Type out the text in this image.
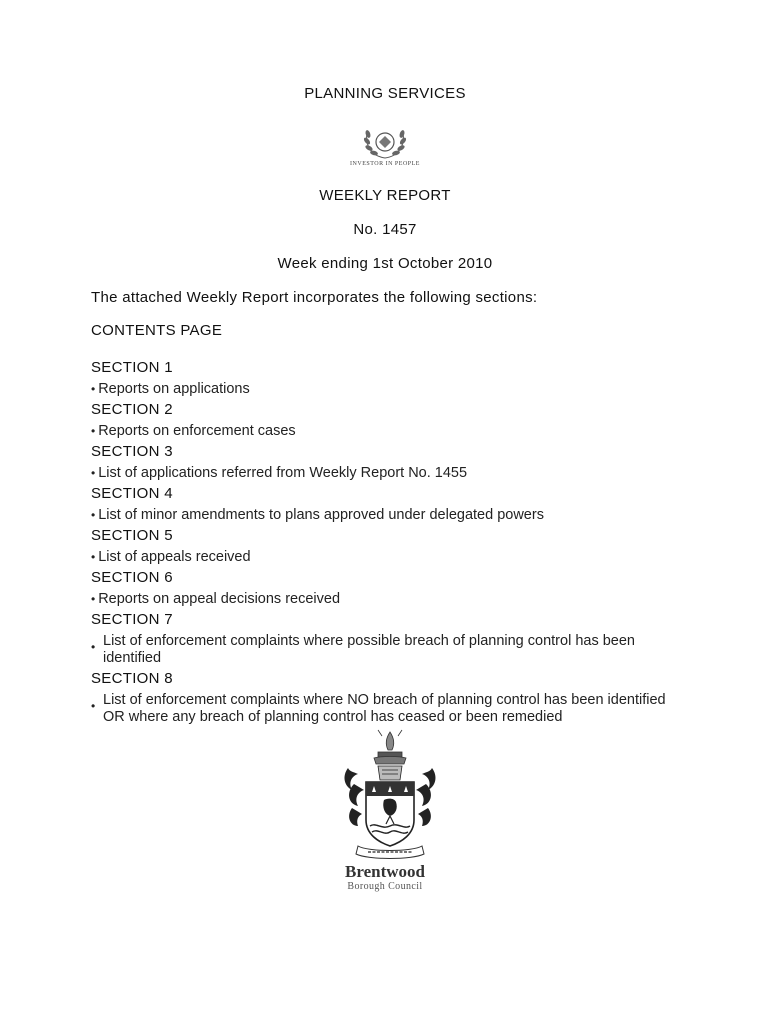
PLANNING SERVICES
INVESTOR IN PEOPLE
WEEKLY REPORT
No. 1457
Week ending 1st October 2010
The attached Weekly Report incorporates the following sections:
CONTENTS PAGE
SECTION 1
• Reports on applications
SECTION 2
• Reports on enforcement cases
SECTION 3
• List of applications referred from Weekly Report No. 1455
SECTION 4
• List of minor amendments to plans approved under delegated powers
SECTION 5
• List of appeals received
SECTION 6
• Reports on appeal decisions received
SECTION 7
• List of enforcement complaints where possible breach of planning control has been identified
SECTION 8
• List of enforcement complaints where NO breach of planning control has been identified OR where any breach of planning control has ceased or been remedied
Brentwood
Borough Council
